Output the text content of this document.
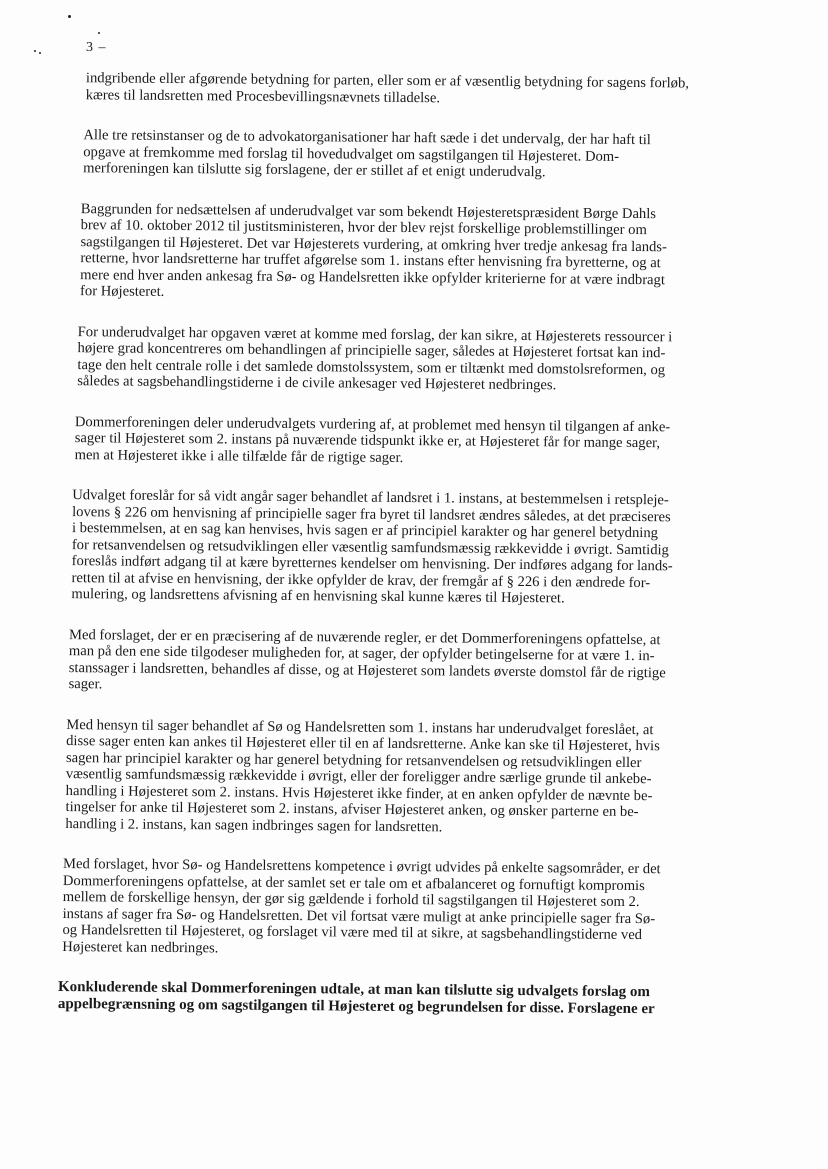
3 –

indgribende eller afgørende betydning for parten, eller som er af væsentlig betydning for sagens forløb,
kæres til landsretten med Procesbevillingsnævnets tilladelse.

Alle tre retsinstanser og de to advokatorganisationer har haft sæde i det undervalg, der har haft til
opgave at fremkomme med forslag til hovedudvalget om sagstilgangen til Højesteret. Dom-
merforeningen kan tilslutte sig forslagene, der er stillet af et enigt underudvalg.

Baggrunden for nedsættelsen af underudvalget var som bekendt Højesteretspræsident Børge Dahls
brev af 10. oktober 2012 til justitsministeren, hvor der blev rejst forskellige problemstillinger om
sagstilgangen til Højesteret. Det var Højesterets vurdering, at omkring hver tredje ankesag fra lands-
retterne, hvor landsretterne har truffet afgørelse som 1. instans efter henvisning fra byretterne, og at
mere end hver anden ankesag fra Sø- og Handelsretten ikke opfylder kriterierne for at være indbragt
for Højesteret.

For underudvalget har opgaven været at komme med forslag, der kan sikre, at Højesterets ressourcer i
højere grad koncentreres om behandlingen af principielle sager, således at Højesteret fortsat kan ind-
tage den helt centrale rolle i det samlede domstolssystem, som er tiltænkt med domstolsreformen, og
således at sagsbehandlingstiderne i de civile ankesager ved Højesteret nedbringes.

Dommerforeningen deler underudvalgets vurdering af, at problemet med hensyn til tilgangen af anke-
sager til Højesteret som 2. instans på nuværende tidspunkt ikke er, at Højesteret får for mange sager,
men at Højesteret ikke i alle tilfælde får de rigtige sager.

Udvalget foreslår for så vidt angår sager behandlet af landsret i 1. instans, at bestemmelsen i retspleje-
lovens § 226 om henvisning af principielle sager fra byret til landsret ændres således, at det præciseres
i bestemmelsen, at en sag kan henvises, hvis sagen er af principiel karakter og har generel betydning
for retsanvendelsen og retsudviklingen eller væsentlig samfundsmæssig rækkevidde i øvrigt. Samtidig
foreslås indført adgang til at kære byretternes kendelser om henvisning. Der indføres adgang for lands-
retten til at afvise en henvisning, der ikke opfylder de krav, der fremgår af § 226 i den ændrede for-
mulering, og landsrettens afvisning af en henvisning skal kunne kæres til Højesteret.

Med forslaget, der er en præcisering af de nuværende regler, er det Dommerforeningens opfattelse, at
man på den ene side tilgodeser muligheden for, at sager, der opfylder betingelserne for at være 1. in-
stanssager i landsretten, behandles af disse, og at Højesteret som landets øverste domstol får de rigtige
sager.

Med hensyn til sager behandlet af Sø og Handelsretten som 1. instans har underudvalget foreslået, at
disse sager enten kan ankes til Højesteret eller til en af landsretterne. Anke kan ske til Højesteret, hvis
sagen har principiel karakter og har generel betydning for retsanvendelsen og retsudviklingen eller
væsentlig samfundsmæssig rækkevidde i øvrigt, eller der foreligger andre særlige grunde til ankebe-
handling i Højesteret som 2. instans. Hvis Højesteret ikke finder, at en anken opfylder de nævnte be-
tingelser for anke til Højesteret som 2. instans, afviser Højesteret anken, og ønsker parterne en be-
handling i 2. instans, kan sagen indbringes sagen for landsretten.

Med forslaget, hvor Sø- og Handelsrettens kompetence i øvrigt udvides på enkelte sagsområder, er det
Dommerforeningens opfattelse, at der samlet set er tale om et afbalanceret og fornuftigt kompromis
mellem de forskellige hensyn, der gør sig gældende i forhold til sagstilgangen til Højesteret som 2.
instans af sager fra Sø- og Handelsretten. Det vil fortsat være muligt at anke principielle sager fra Sø-
og Handelsretten til Højesteret, og forslaget vil være med til at sikre, at sagsbehandlingstiderne ved
Højesteret kan nedbringes.

Konkluderende skal Dommerforeningen udtale, at man kan tilslutte sig udvalgets forslag om
appelbegrænsning og om sagstilgangen til Højesteret og begrundelsen for disse. Forslagene er
